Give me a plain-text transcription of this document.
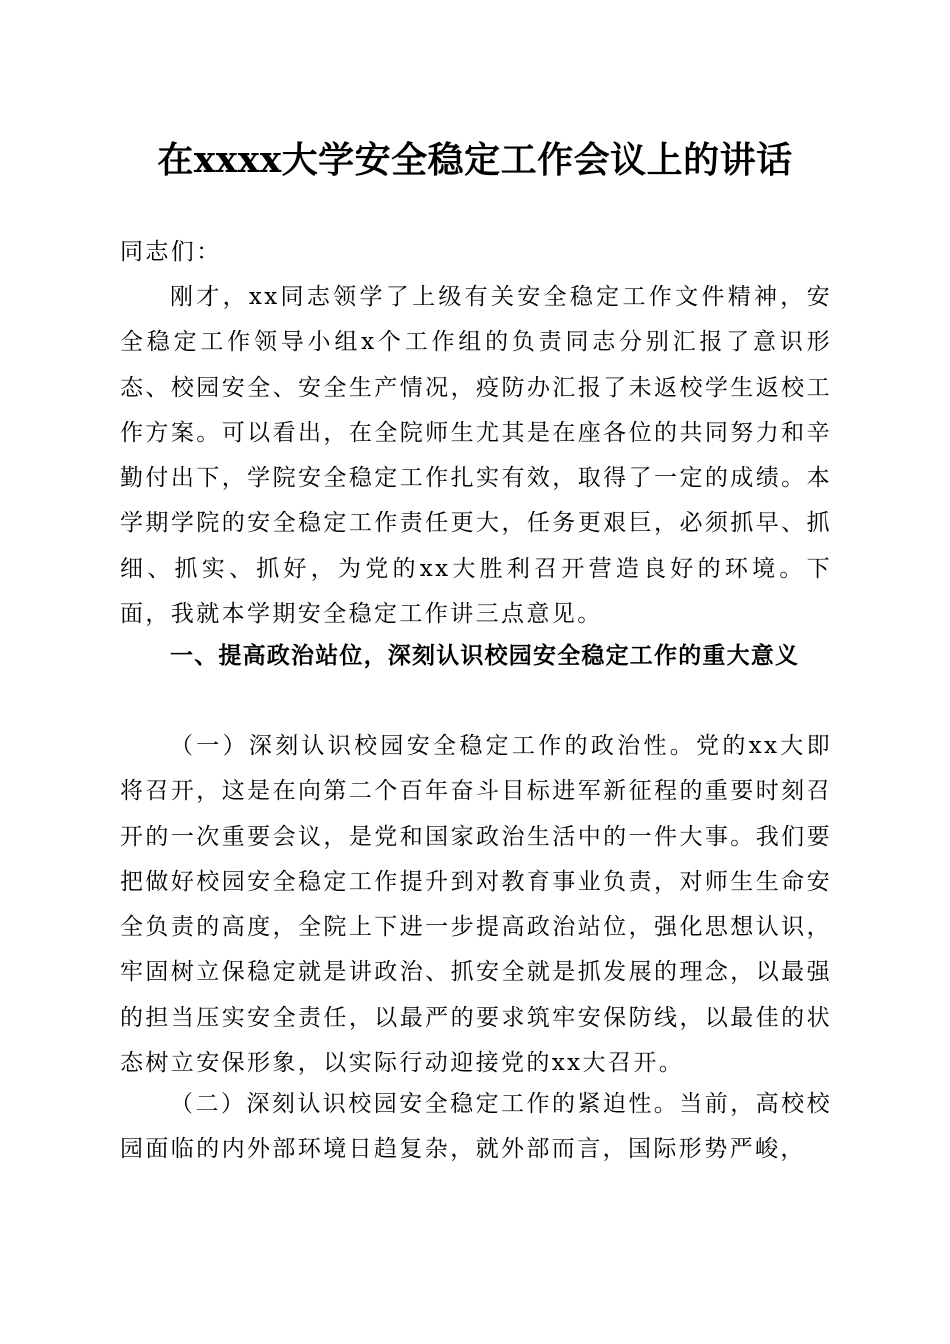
在xxxx大学安全稳定工作会议上的讲话
同志们：
刚才，xx同志领学了上级有关安全稳定工作文件精神，安全稳定工作领导小组x个工作组的负责同志分别汇报了意识形态、校园安全、安全生产情况，疫防办汇报了未返校学生返校工作方案。可以看出，在全院师生尤其是在座各位的共同努力和辛勤付出下，学院安全稳定工作扎实有效，取得了一定的成绩。本学期学院的安全稳定工作责任更大，任务更艰巨，必须抓早、抓细、抓实、抓好，为党的xx大胜利召开营造良好的环境。下面，我就本学期安全稳定工作讲三点意见。
一、提高政治站位，深刻认识校园安全稳定工作的重大意义
（一）深刻认识校园安全稳定工作的政治性。党的xx大即将召开，这是在向第二个百年奋斗目标进军新征程的重要时刻召开的一次重要会议，是党和国家政治生活中的一件大事。我们要把做好校园安全稳定工作提升到对教育事业负责，对师生生命安全负责的高度，全院上下进一步提高政治站位，强化思想认识，牢固树立保稳定就是讲政治、抓安全就是抓发展的理念，以最强的担当压实安全责任，以最严的要求筑牢安保防线，以最佳的状态树立安保形象，以实际行动迎接党的xx大召开。
（二）深刻认识校园安全稳定工作的紧迫性。当前，高校校园面临的内外部环境日趋复杂，就外部而言，国际形势严峻，
